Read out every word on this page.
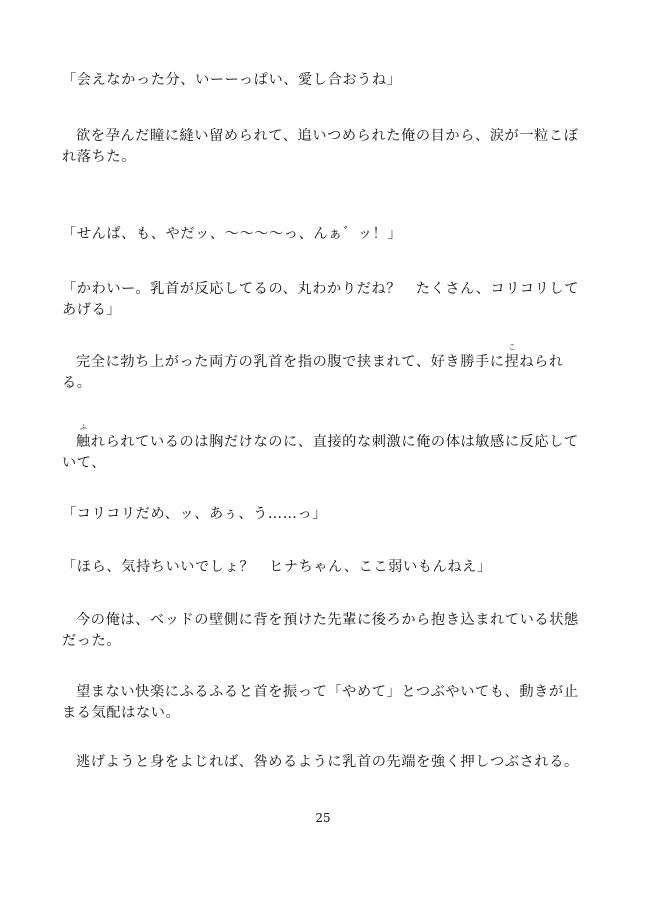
「会えなかった分、いーーっぱい、愛し合おうね」

欲を孕んだ瞳に縫い留められて、追いつめられた俺の目から、涙が一粒こぼれ落ちた。

「せんぱ、も、やだッ、〜〜〜〜っ、んぁ゛ッ！」

「かわいー。乳首が反応してるの、丸わかりだね？　たくさん、コリコリしてあげる」

完全に勃ち上がった両方の乳首を指の腹で挟まれて、好き勝手に
こ
捏ねられる。

ふ
触れられているのは胸だけなのに、直接的な刺激に俺の体は敏感に反応していて、

「コリコリだめ、ッ、あぅ、う……っ」

「ほら、気持ちいいでしょ？　ヒナちゃん、ここ弱いもんねえ」

今の俺は、ベッドの壁側に背を預けた先輩に後ろから抱き込まれている状態だった。

望まない快楽にふるふると首を振って「やめて」とつぶやいても、動きが止まる気配はない。

逃げようと身をよじれば、咎めるように乳首の先端を強く押しつぶされる。

25
